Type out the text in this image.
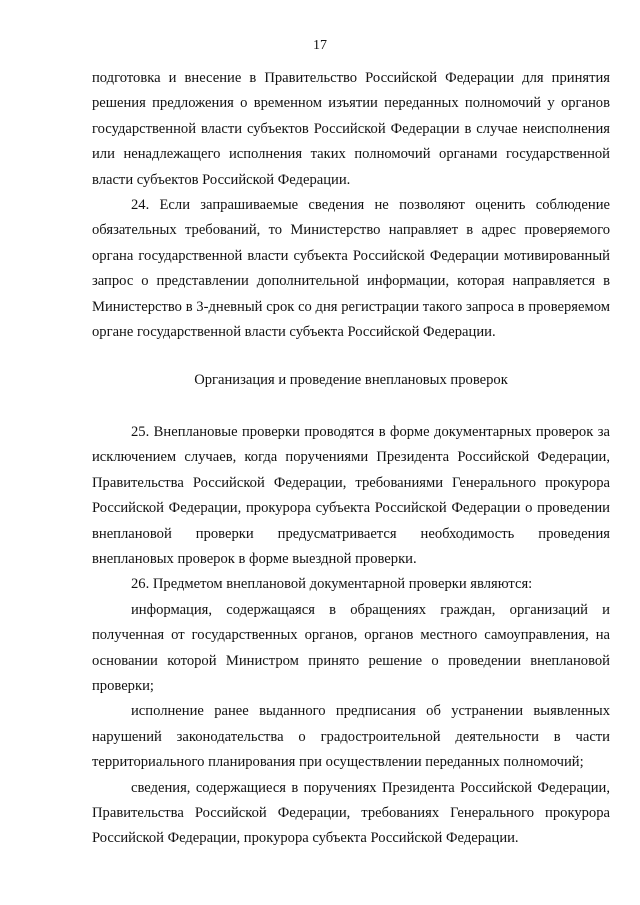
17

подготовка и внесение в Правительство Российской Федерации для принятия решения предложения о временном изъятии переданных полномочий у органов государственной власти субъектов Российской Федерации в случае неисполнения или ненадлежащего исполнения таких полномочий органами государственной власти субъектов Российской Федерации.

24. Если запрашиваемые сведения не позволяют оценить соблюдение обязательных требований, то Министерство направляет в адрес проверяемого органа государственной власти субъекта Российской Федерации мотивированный запрос о представлении дополнительной информации, которая направляется в Министерство в 3-дневный срок со дня регистрации такого запроса в проверяемом органе государственной власти субъекта Российской Федерации.

Организация и проведение внеплановых проверок

25. Внеплановые проверки проводятся в форме документарных проверок за исключением случаев, когда поручениями Президента Российской Федерации, Правительства Российской Федерации, требованиями Генерального прокурора Российской Федерации, прокурора субъекта Российской Федерации о проведении внеплановой проверки предусматривается необходимость проведения внеплановых проверок в форме выездной проверки.

26. Предметом внеплановой документарной проверки являются:

информация, содержащаяся в обращениях граждан, организаций и полученная от государственных органов, органов местного самоуправления, на основании которой Министром принято решение о проведении внеплановой проверки;

исполнение ранее выданного предписания об устранении выявленных нарушений законодательства о градостроительной деятельности в части территориального планирования при осуществлении переданных полномочий;

сведения, содержащиеся в поручениях Президента Российской Федерации, Правительства Российской Федерации, требованиях Генерального прокурора Российской Федерации, прокурора субъекта Российской Федерации.
